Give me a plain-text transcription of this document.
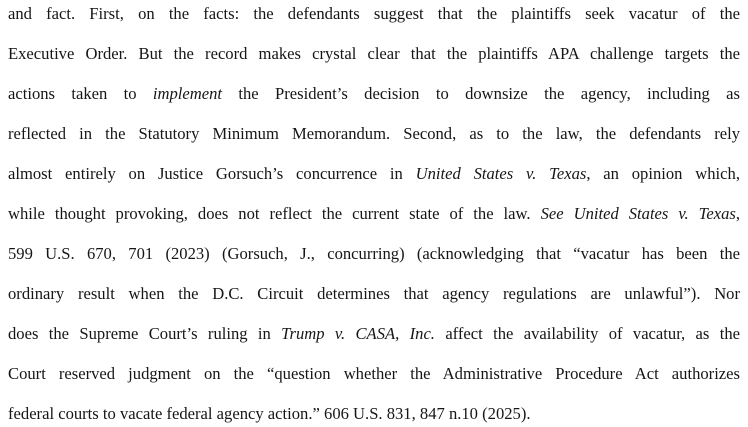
and fact. First, on the facts: the defendants suggest that the plaintiffs seek vacatur of the
Executive Order. But the record makes crystal clear that the plaintiffs APA challenge targets the
actions taken to implement the President’s decision to downsize the agency, including as
reflected in the Statutory Minimum Memorandum. Second, as to the law, the defendants rely
almost entirely on Justice Gorsuch’s concurrence in United States v. Texas, an opinion which,
while thought provoking, does not reflect the current state of the law. See United States v. Texas,
599 U.S. 670, 701 (2023) (Gorsuch, J., concurring) (acknowledging that “vacatur has been the
ordinary result when the D.C. Circuit determines that agency regulations are unlawful”). Nor
does the Supreme Court’s ruling in Trump v. CASA, Inc. affect the availability of vacatur, as the
Court reserved judgment on the “question whether the Administrative Procedure Act authorizes
federal courts to vacate federal agency action.” 606 U.S. 831, 847 n.10 (2025).
